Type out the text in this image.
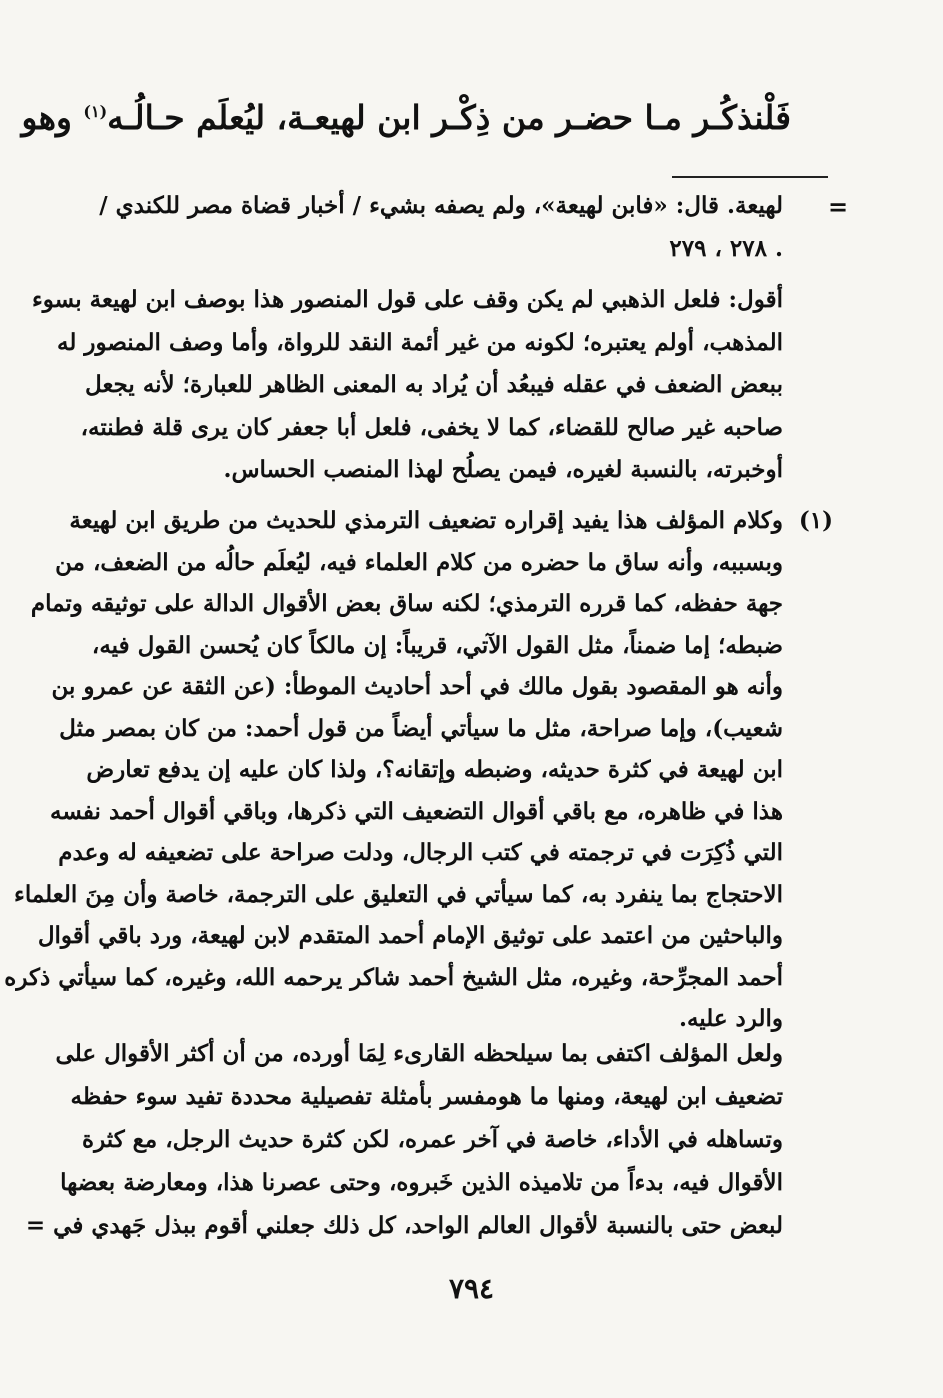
فَلْنذكُـر مـا حضـر من ذِكْـر ابن لهيعـة، ليُعلَم حـالُـه$^{(١)}$ وهو
=
لهيعة. قال: «فابن لهيعة»، ولم يصفه بشيء / أخبار قضاة مصر للكندي /
٢٧٨ ، ٢٧٩ .
أقول: فلعل الذهبي لم يكن وقف على قول المنصور هذا بوصف ابن لهيعة بسوء
المذهب، أولم يعتبره؛ لكونه من غير أئمة النقد للرواة، وأما وصف المنصور له
ببعض الضعف في عقله فيبعُد أن يُراد به المعنى الظاهر للعبارة؛ لأنه يجعل
صاحبه غير صالح للقضاء، كما لا يخفى، فلعل أبا جعفر كان يرى قلة فطنته،
أوخبرته، بالنسبة لغيره، فيمن يصلُح لهذا المنصب الحساس.
(١)
وكلام المؤلف هذا يفيد إقراره تضعيف الترمذي للحديث من طريق ابن لهيعة
وبسببه، وأنه ساق ما حضره من كلام العلماء فيه، ليُعلَم حالُه من الضعف، من
جهة حفظه، كما قرره الترمذي؛ لكنه ساق بعض الأقوال الدالة على توثيقه وتمام
ضبطه؛ إما ضمناً، مثل القول الآتي، قريباً: إن مالكاً كان يُحسن القول فيه،
وأنه هو المقصود بقول مالك في أحد أحاديث الموطأ: (عن الثقة عن عمرو بن
شعيب)، وإما صراحة، مثل ما سيأتي أيضاً من قول أحمد: من كان بمصر مثل
ابن لهيعة في كثرة حديثه، وضبطه وإتقانه؟، ولذا كان عليه إن يدفع تعارض
هذا في ظاهره، مع باقي أقوال التضعيف التي ذكرها، وباقي أقوال أحمد نفسه
التي ذُكِرَت في ترجمته في كتب الرجال، ودلت صراحة على تضعيفه له وعدم
الاحتجاج بما ينفرد به، كما سيأتي في التعليق على الترجمة، خاصة وأن مِنَ العلماء
والباحثين من اعتمد على توثيق الإمام أحمد المتقدم لابن لهيعة، ورد باقي أقوال
أحمد المجرِّحة، وغيره، مثل الشيخ أحمد شاكر يرحمه الله، وغيره، كما سيأتي ذكره
والرد عليه.
ولعل المؤلف اكتفى بما سيلحظه القارىء لِمَا أورده، من أن أكثر الأقوال على
تضعيف ابن لهيعة، ومنها ما هومفسر بأمثلة تفصيلية محددة تفيد سوء حفظه
وتساهله في الأداء، خاصة في آخر عمره، لكن كثرة حديث الرجل، مع كثرة
الأقوال فيه، بدءاً من تلاميذه الذين خَبروه، وحتى عصرنا هذا، ومعارضة بعضها
لبعض حتى بالنسبة لأقوال العالم الواحد، كل ذلك جعلني أقوم ببذل جَهدي في =
٧٩٤
